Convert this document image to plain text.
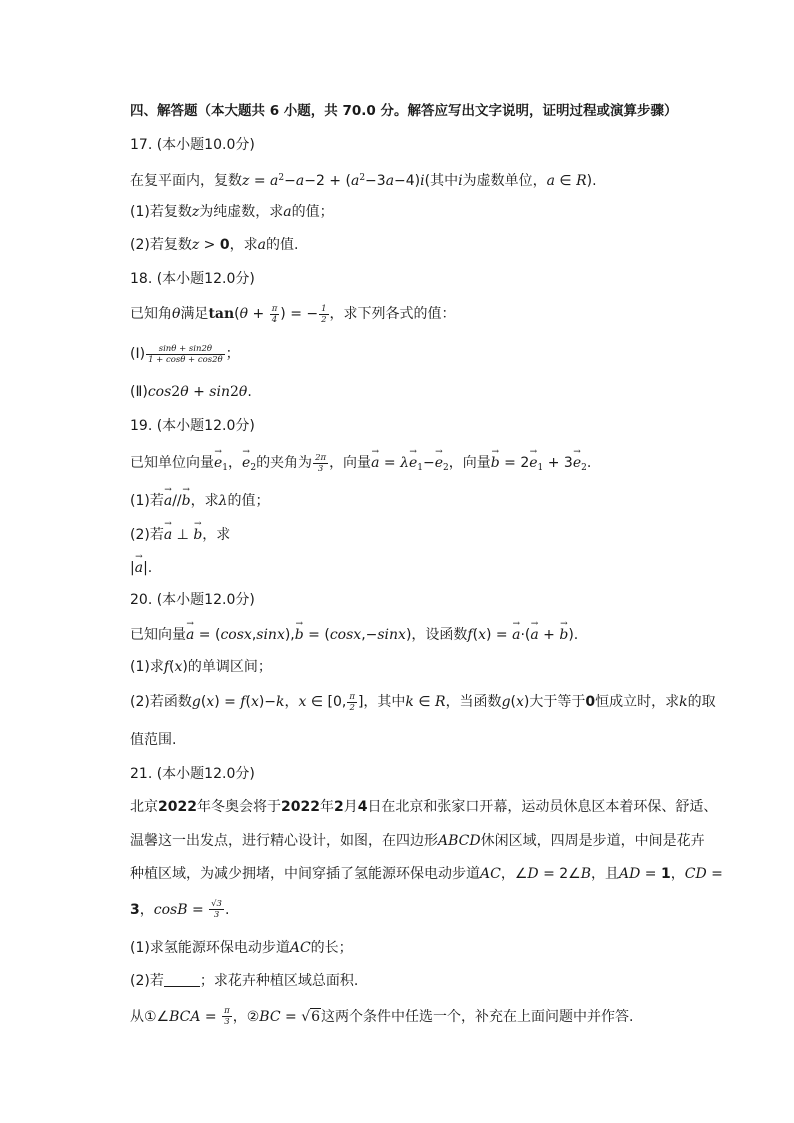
四、解答题（本大题共 6 小题，共 70.0 分。解答应写出文字说明，证明过程或演算步骤）
17. (本小题10.0分)
在复平面内，复数$z = a^2-a-2 + (a^2-3a-4)i$(其中i为虚数单位，a ∈ R).
(1)若复数z为纯虚数，求a的值；
(2)若复数z > 0，求a的值.
18. (本小题12.0分)
已知角θ满足$\tan(\theta + \frac{\pi}{4}$ ) = − $\frac{1}{2}$ ，求下列各式的值：
(Ⅰ) $\frac{\sin\theta + \sin 2\theta}{1 + \cos\theta + \cos 2\theta}$ ；
(Ⅱ)cos2θ + sin2θ.
19. (本小题12.0分)
已知单位向量→ $e_1$，→ $e_2$的夹角为 $\frac{2\pi}{3}$ ，向量→ $a = \lambda\to e_1-\to e_2$，向量→ $b = 2\to e_1 + 3\to e_2$.
(1)若→ a//→ b，求λ的值；
(2)若→ a ⊥ → b，求
|→ a|.
20. (本小题12.0分)
已知向量→ a = (cosx,sinx),→ b = (cosx,−sinx)，设函数f(x) = → a·(→ a + → b).
(1)求f(x)的单调区间；
(2)若函数g(x) = f(x)−k，x ∈ [0, $\frac{\pi}{2}$ ]，其中k ∈ R，当函数g(x)大于等于0恒成立时，求k的取
值范围.
21. (本小题12.0分)
北京2022年冬奥会将于2022年2月4日在北京和张家口开幕，运动员休息区本着环保、舒适、
温馨这一出发点，进行精心设计，如图，在四边形ABCD休闲区域，四周是步道，中间是花卉
种植区域，为减少拥堵，中间穿插了氢能源环保电动步道AC，∠D = 2∠B，且AD = 1，CD =
3，$\cos B = \frac{√3}{3}$ .
(1)求氢能源环保电动步道AC的长；
(2)若	；求花卉种植区域总面积.
从①∠BCA = $\frac{\pi}{3}$ ，②BC = √6这两个条件中任选一个，补充在上面问题中并作答.
